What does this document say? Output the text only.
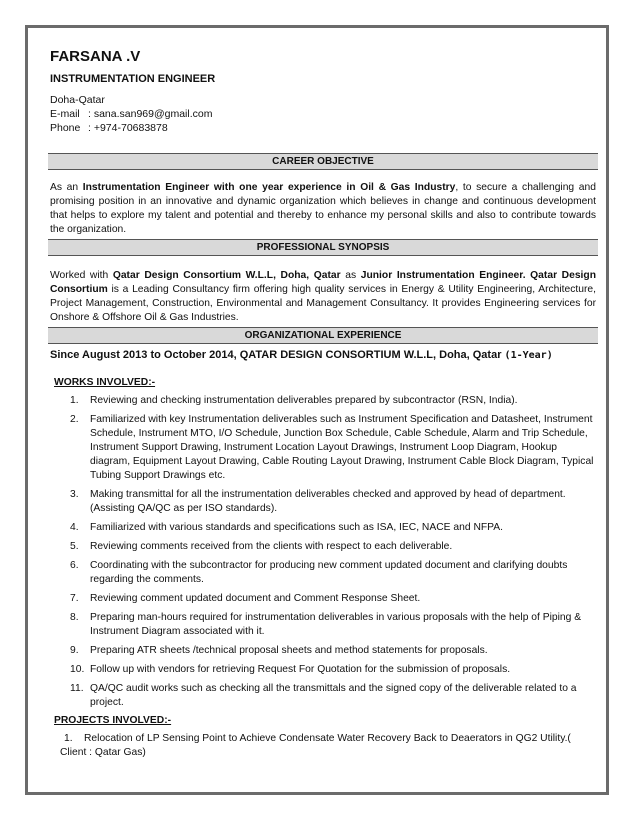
FARSANA .V
INSTRUMENTATION ENGINEER
Doha-Qatar
E-mail : sana.san969@gmail.com
Phone : +974-70683878
CAREER OBJECTIVE

As an Instrumentation Engineer with one year experience in Oil & Gas Industry, to secure a challenging and promising position in an innovative and dynamic organization which believes in change and continuous development that helps to explore my talent and potential and thereby to enhance my personal skills and also to contribute towards the organization.

PROFESSIONAL SYNOPSIS

Worked with Qatar Design Consortium W.L.L, Doha, Qatar as Junior Instrumentation Engineer. Qatar Design Consortium is a Leading Consultancy firm offering high quality services in Energy & Utility Engineering, Architecture, Project Management, Construction, Environmental and Management Consultancy. It provides Engineering services for Onshore & Offshore Oil & Gas Industries.

ORGANIZATIONAL EXPERIENCE
Since August 2013 to October 2014, QATAR DESIGN CONSORTIUM W.L.L, Doha, Qatar (1-Year)
WORKS INVOLVED:-
1.	Reviewing and checking instrumentation deliverables prepared by subcontractor (RSN, India).
2.	Familiarized with key Instrumentation deliverables such as Instrument Specification and Datasheet, Instrument Schedule, Instrument MTO, I/O Schedule, Junction Box Schedule, Cable Schedule, Alarm and Trip Schedule, Instrument Support Drawing, Instrument Location Layout Drawings, Instrument Loop Diagram, Hookup diagram, Equipment Layout Drawing, Cable Routing Layout Drawing, Instrument Cable Block Diagram, Typical Tubing Support Drawings etc.
3.	Making transmittal for all the instrumentation deliverables checked and approved by head of department. (Assisting QA/QC as per ISO standards).
4.	Familiarized with various standards and specifications such as ISA, IEC, NACE and NFPA.
5.	Reviewing comments received from the clients with respect to each deliverable.
6.	Coordinating with the subcontractor for producing new comment updated document and clarifying doubts regarding the comments.
7.	Reviewing comment updated document and Comment Response Sheet.
8.	Preparing man-hours required for instrumentation deliverables in various proposals with the help of Piping & Instrument Diagram associated with it.
9.	Preparing ATR sheets /technical proposal sheets and method statements for proposals.
10. Follow up with vendors for retrieving Request For Quotation for the submission of proposals.
11. QA/QC audit works such as checking all the transmittals and the signed copy of the deliverable related to a project.
PROJECTS INVOLVED:-
1. Relocation of LP Sensing Point to Achieve Condensate Water Recovery Back to Deaerators in QG2 Utility.( Client : Qatar Gas)
